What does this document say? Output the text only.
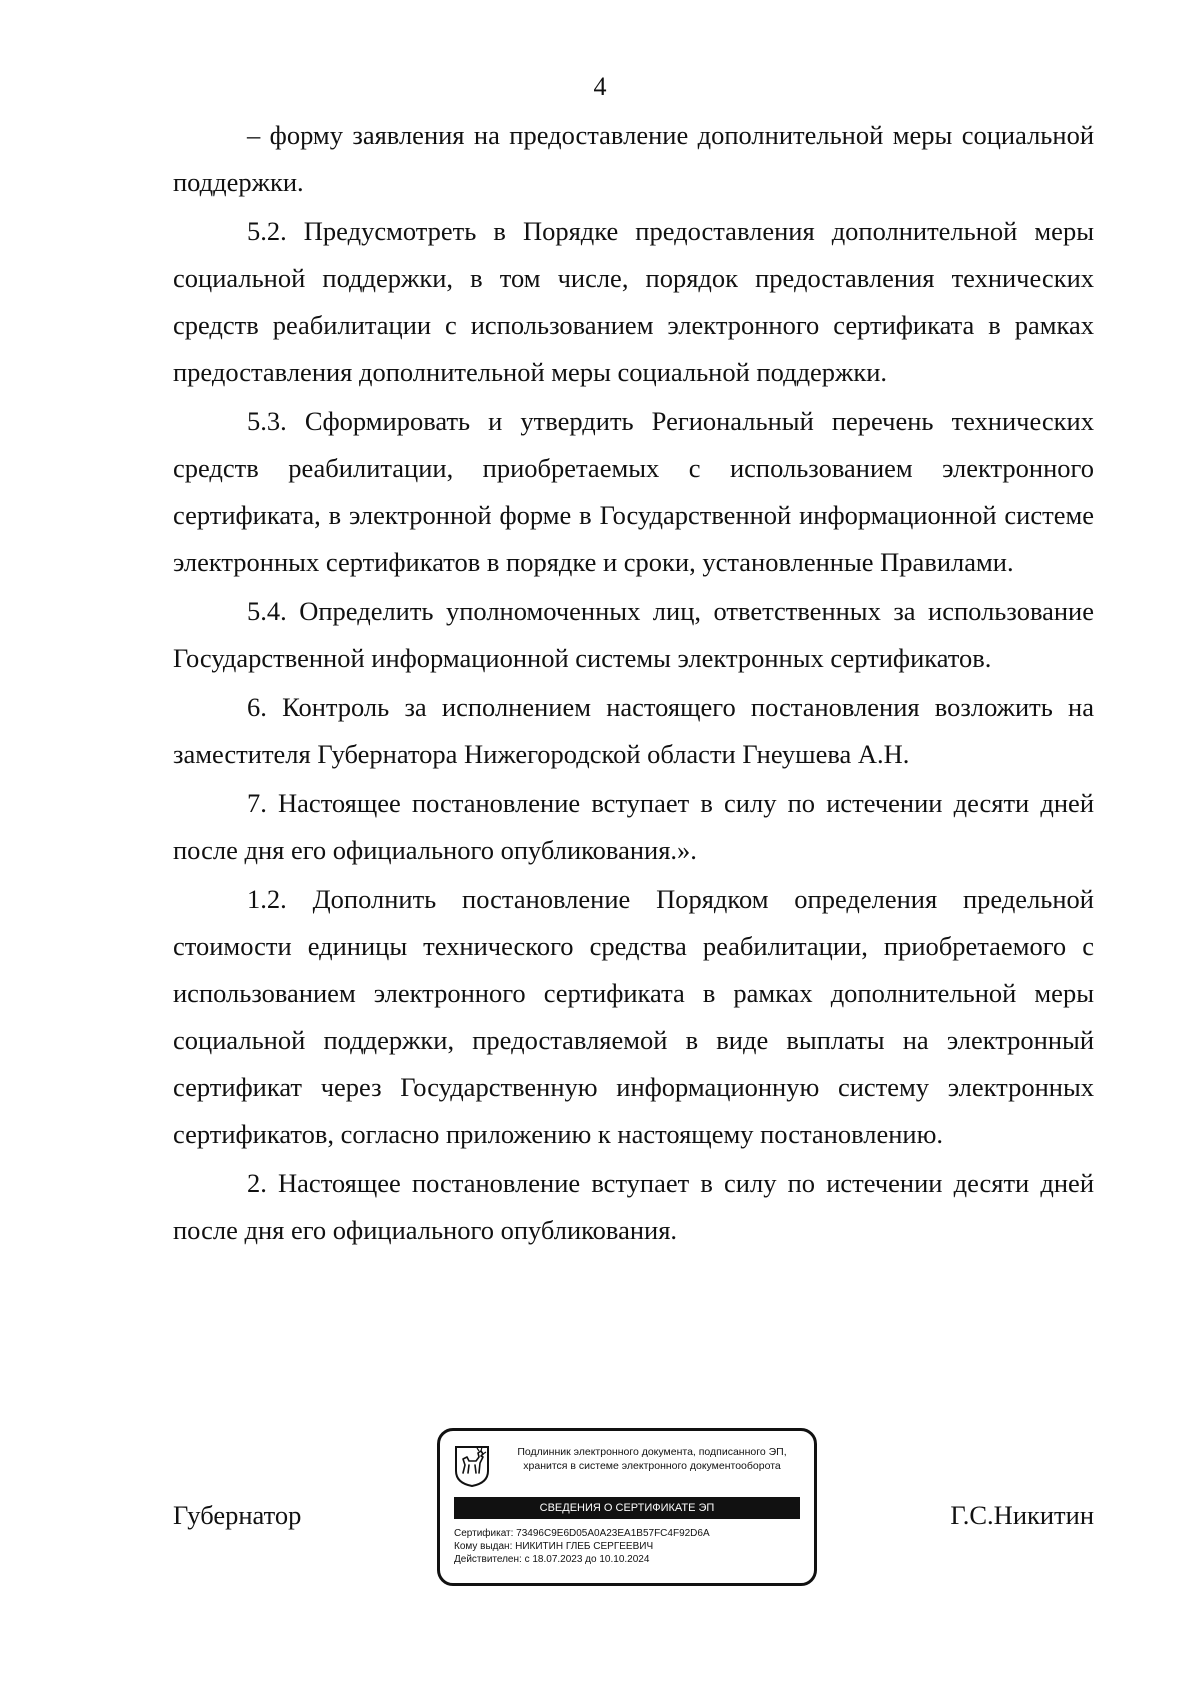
4

– форму заявления на предоставление дополнительной меры социальной поддержки.

5.2. Предусмотреть в Порядке предоставления дополнительной меры социальной поддержки, в том числе, порядок предоставления технических средств реабилитации с использованием электронного сертификата в рамках предоставления дополнительной меры социальной поддержки.

5.3. Сформировать и утвердить Региональный перечень технических средств реабилитации, приобретаемых с использованием электронного сертификата, в электронной форме в Государственной информационной системе электронных сертификатов в порядке и сроки, установленные Правилами.

5.4. Определить уполномоченных лиц, ответственных за использование Государственной информационной системы электронных сертификатов.

6. Контроль за исполнением настоящего постановления возложить на заместителя Губернатора Нижегородской области Гнеушева А.Н.

7. Настоящее постановление вступает в силу по истечении десяти дней после дня его официального опубликования.».

1.2. Дополнить постановление Порядком определения предельной стоимости единицы технического средства реабилитации, приобретаемого с использованием электронного сертификата в рамках дополнительной меры социальной поддержки, предоставляемой в виде выплаты на электронный сертификат через Государственную информационную систему электронных сертификатов, согласно приложению к настоящему постановлению.

2. Настоящее постановление вступает в силу по истечении десяти дней после дня его официального опубликования.

Губернатор
Подлинник электронного документа, подписанного ЭП,
хранится в системе электронного документооборота
СВЕДЕНИЯ О СЕРТИФИКАТЕ ЭП
Сертификат: 73496C9E6D05A0A23EA1B57FC4F92D6A
Кому выдан: НИКИТИН ГЛЕБ СЕРГЕЕВИЧ
Действителен: с 18.07.2023 до 10.10.2024
Г.С.Никитин
